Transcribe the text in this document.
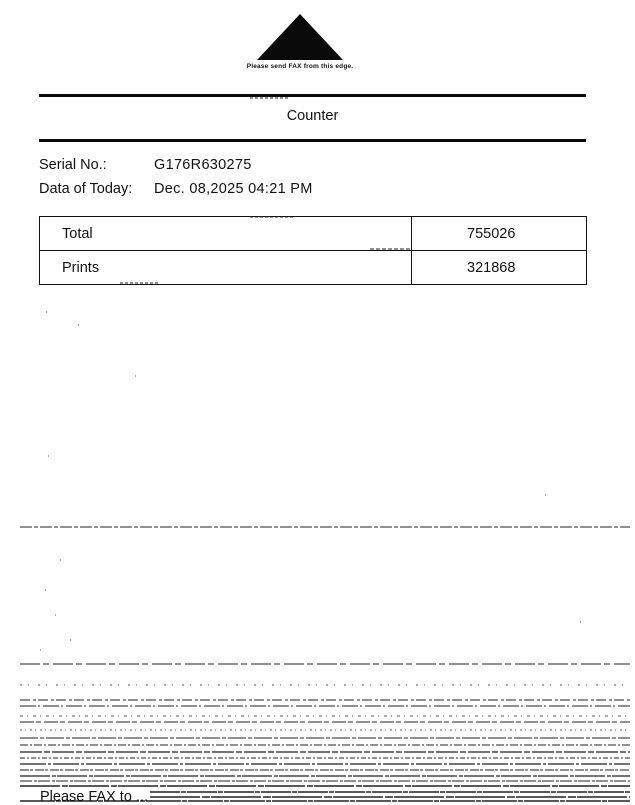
Please send FAX from this edge.
Counter
Serial No.:	G176R630275
Data of Today: Dec. 08,2025 04:21 PM
Total	755026
Prints	321868
Please FAX to ...
